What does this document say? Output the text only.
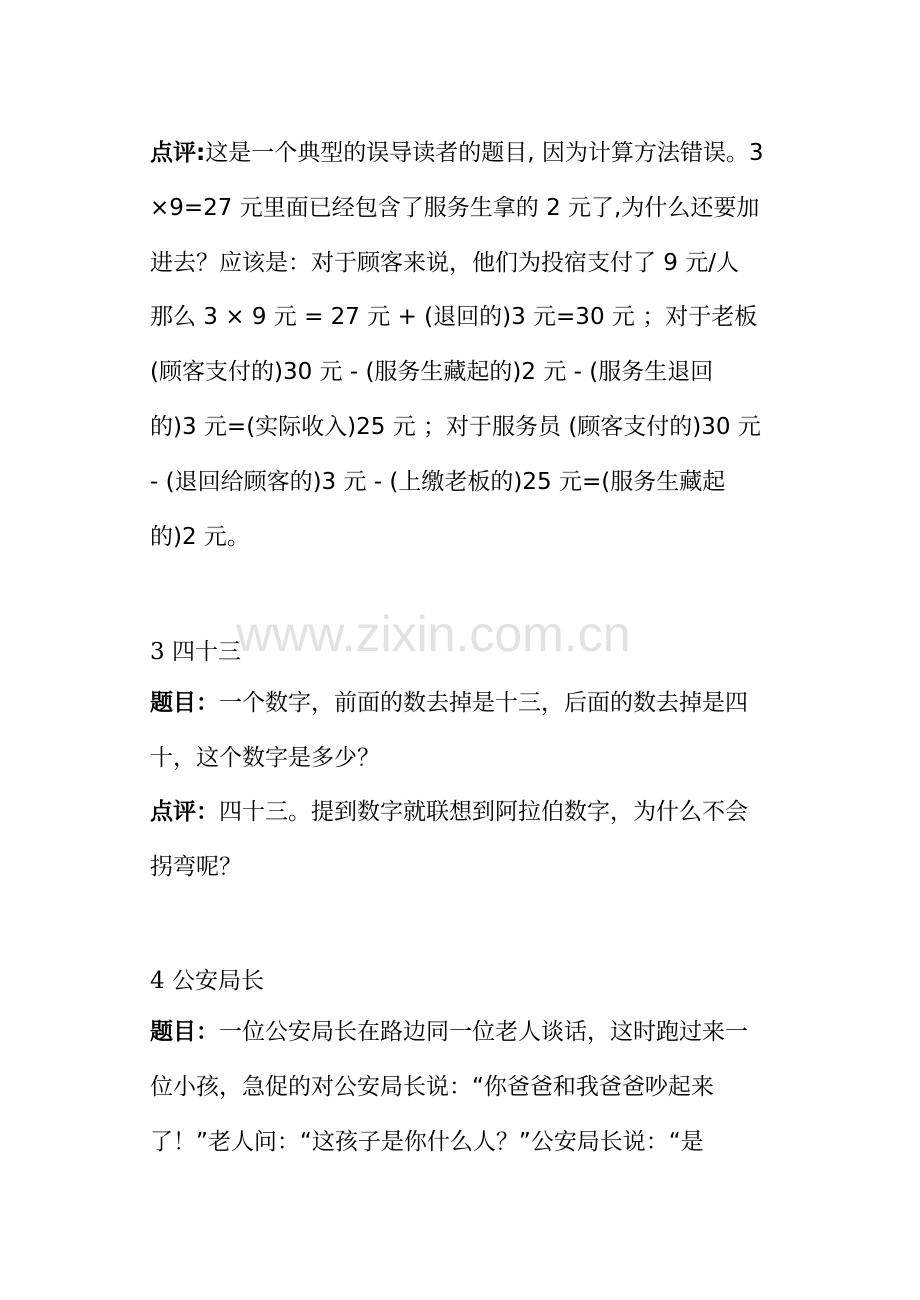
www.zixin.com.cn
点评:这是一个典型的误导读者的题目, 因为计算方法错误。3
×9=27 元里面已经包含了服务生拿的 2 元了,为什么还要加
进去？应该是：对于顾客来说，他们为投宿支付了 9 元/人
那么 3 × 9 元 = 27 元 + (退回的)3 元=30 元 ；对于老板
(顾客支付的)30 元 - (服务生藏起的)2 元 - (服务生退回
的)3 元=(实际收入)25 元 ；对于服务员 (顾客支付的)30 元
- (退回给顾客的)3 元 - (上缴老板的)25 元=(服务生藏起
的)2 元。
3 四十三
题目：一个数字，前面的数去掉是十三，后面的数去掉是四
十，这个数字是多少？
点评：四十三。提到数字就联想到阿拉伯数字，为什么不会
拐弯呢？
4 公安局长
题目：一位公安局长在路边同一位老人谈话，这时跑过来一
位小孩，急促的对公安局长说：“你爸爸和我爸爸吵起来
了！”老人问：“这孩子是你什么人？”公安局长说：“是
